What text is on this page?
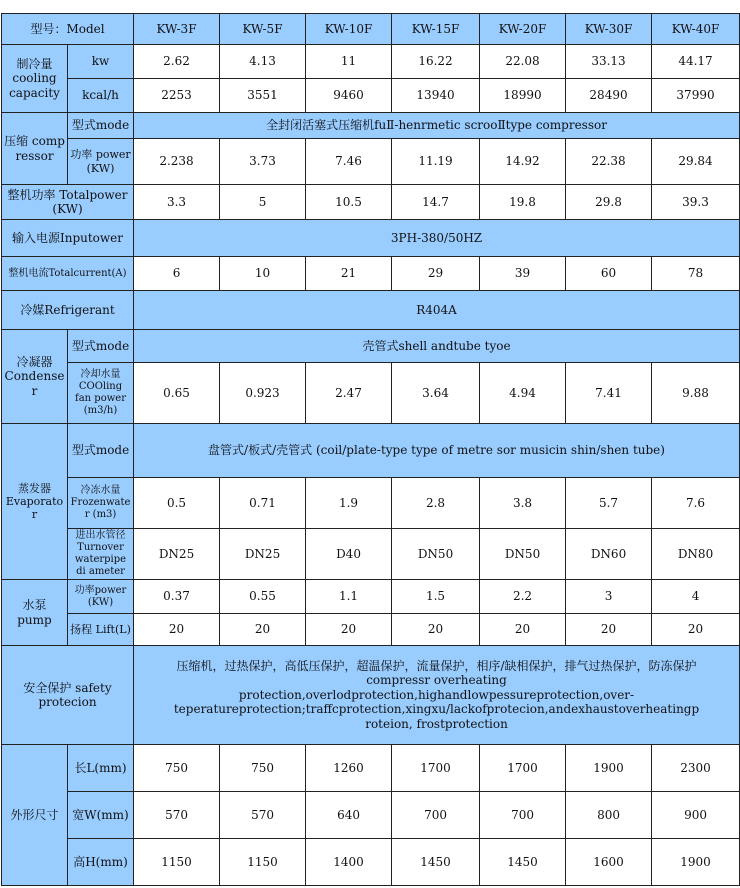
型号：Model		KW-3F	KW-5F	KW-10F	KW-15F	KW-20F	KW-30F	KW-40F
制冷量 cooling capacity	kw	2.62	4.13	11	16.22	22.08	33.13	44.17
	kcal/h	2253	3551	9460	13940	18990	28490	37990
压缩 comp ressor	型式mode	全封闭活塞式压缩机fuⅡ-henrmetic scrooⅡtype compressor						
	功率 power (KW)	2.238	3.73	7.46	11.19	14.92	22.38	29.84
整机功率 Totalpower (KW)		3.3	5	10.5	14.7	19.8	29.8	39.3
输入电源Inputower		3PH-380/50HZ						
整机电流Totalcurrent(A)		6	10	21	29	39	60	78
冷媒Refrigerant		R404A						
冷凝器 Condenser	型式mode	壳管式shell andtube tyoe						
	冷却水量 COOling fan power (m3/h)	0.65	0.923	2.47	3.64	4.94	7.41	9.88
蒸发器 Evaporator	型式mode	盘管式/板式/壳管式 (coil/plate-type type of metre sor musicin shin/shen tube)						
	冷冻水量 Frozenwater (m3)	0.5	0.71	1.9	2.8	3.8	5.7	7.6
	进出水管径 Turnover waterpipe di ameter	DN25	DN25	D40	DN50	DN50	DN60	DN80
水泵 pump	功率power (KW)	0.37	0.55	1.1	1.5	2.2	3	4
	扬程 Lift(L)	20	20	20	20	20	20	20
安全保护 safety protecion		压缩机，过热保护，高低压保护，超温保护，流量保护，相序/缺相保护，排气过热保护，防冻保护
compressr overheating
protection,overlodprotection,highandlowpessureprotection,over-
teperatureprotection;traffcprotection,xingxu/lackofprotecion,andexhaustoverheatingp
roteion, frostprotection						

外形尺寸	长L(mm)	750	750	1260	1700	1700	1900	2300
	宽W(mm)	570	570	640	700	700	800	900
	高H(mm)	1150	1150	1400	1450	1450	1600	1900
